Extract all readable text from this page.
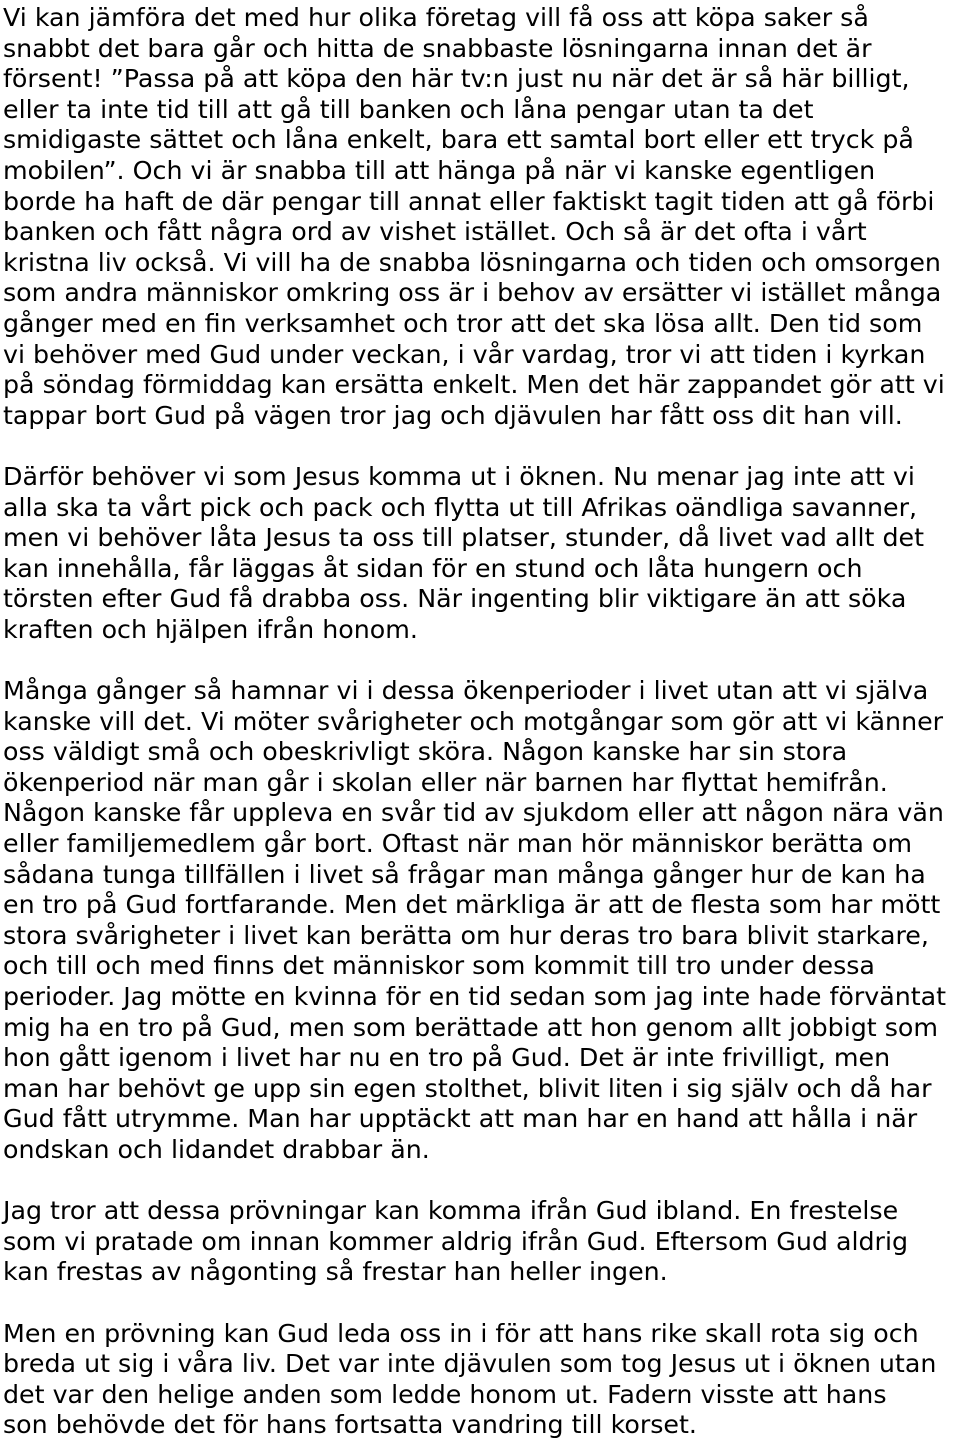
Vi kan jämföra det med hur olika företag vill få oss att köpa saker så
snabbt det bara går och hitta de snabbaste lösningarna innan det är
försent! ”Passa på att köpa den här tv:n just nu när det är så här billigt,
eller ta inte tid till att gå till banken och låna pengar utan ta det
smidigaste sättet och låna enkelt, bara ett samtal bort eller ett tryck på
mobilen”. Och vi är snabba till att hänga på när vi kanske egentligen
borde ha haft de där pengar till annat eller faktiskt tagit tiden att gå förbi
banken och fått några ord av vishet istället. Och så är det ofta i vårt
kristna liv också. Vi vill ha de snabba lösningarna och tiden och omsorgen
som andra människor omkring oss är i behov av ersätter vi istället många
gånger med en fin verksamhet och tror att det ska lösa allt. Den tid som
vi behöver med Gud under veckan, i vår vardag, tror vi att tiden i kyrkan
på söndag förmiddag kan ersätta enkelt. Men det här zappandet gör att vi
tappar bort Gud på vägen tror jag och djävulen har fått oss dit han vill.
Därför behöver vi som Jesus komma ut i öknen. Nu menar jag inte att vi
alla ska ta vårt pick och pack och flytta ut till Afrikas oändliga savanner,
men vi behöver låta Jesus ta oss till platser, stunder, då livet vad allt det
kan innehålla, får läggas åt sidan för en stund och låta hungern och
törsten efter Gud få drabba oss. När ingenting blir viktigare än att söka
kraften och hjälpen ifrån honom.
Många gånger så hamnar vi i dessa ökenperioder i livet utan att vi själva
kanske vill det. Vi möter svårigheter och motgångar som gör att vi känner
oss väldigt små och obeskrivligt sköra. Någon kanske har sin stora
ökenperiod när man går i skolan eller när barnen har flyttat hemifrån.
Någon kanske får uppleva en svår tid av sjukdom eller att någon nära vän
eller familjemedlem går bort. Oftast när man hör människor berätta om
sådana tunga tillfällen i livet så frågar man många gånger hur de kan ha
en tro på Gud fortfarande. Men det märkliga är att de flesta som har mött
stora svårigheter i livet kan berätta om hur deras tro bara blivit starkare,
och till och med finns det människor som kommit till tro under dessa
perioder. Jag mötte en kvinna för en tid sedan som jag inte hade förväntat
mig ha en tro på Gud, men som berättade att hon genom allt jobbigt som
hon gått igenom i livet har nu en tro på Gud. Det är inte frivilligt, men
man har behövt ge upp sin egen stolthet, blivit liten i sig själv och då har
Gud fått utrymme. Man har upptäckt att man har en hand att hålla i när
ondskan och lidandet drabbar än.
Jag tror att dessa prövningar kan komma ifrån Gud ibland. En frestelse
som vi pratade om innan kommer aldrig ifrån Gud. Eftersom Gud aldrig
kan frestas av någonting så frestar han heller ingen.
Men en prövning kan Gud leda oss in i för att hans rike skall rota sig och
breda ut sig i våra liv. Det var inte djävulen som tog Jesus ut i öknen utan
det var den helige anden som ledde honom ut. Fadern visste att hans
son behövde det för hans fortsatta vandring till korset.
